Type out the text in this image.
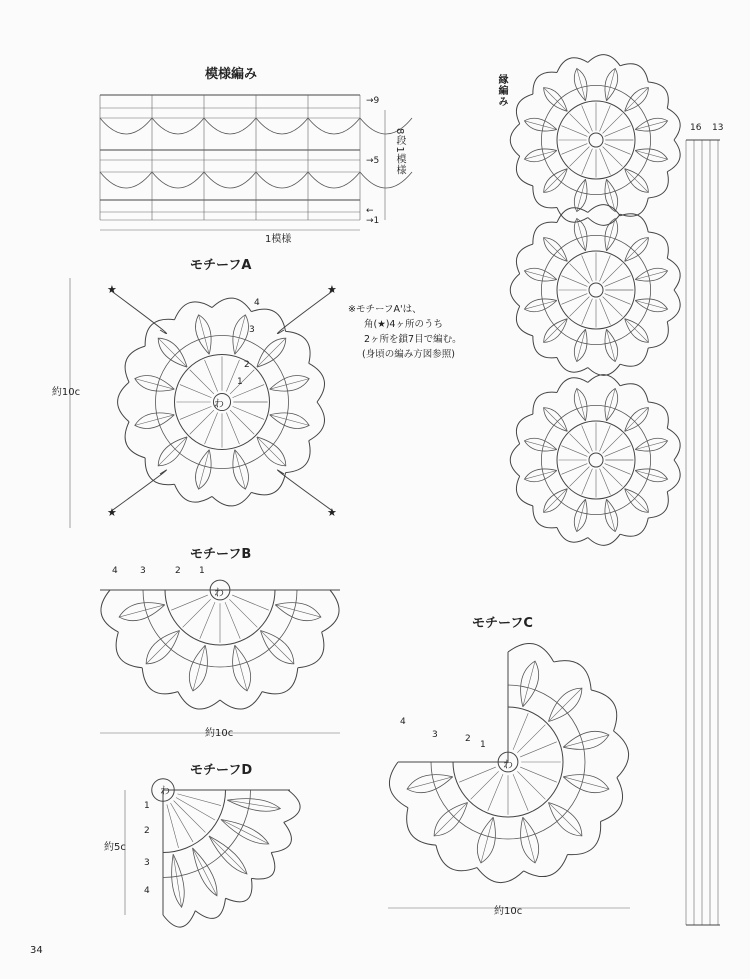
模様編み
→9
→5
←
→1
8段1模様
1模様
モチーフA
わ
4
3
2
1
約10c
★	★
★	★
※モチーフA'は、
角(★)4ヶ所のうち
2ヶ所を鎖7目で編む。
(身頃の編み方図参照)
縁編み
16 13
モチーフB
4 3	2 1
わ
約10c
モチーフC
4
3	2
1
わ
約10c
モチーフD
わ
1
2
3
4
約5c
34
